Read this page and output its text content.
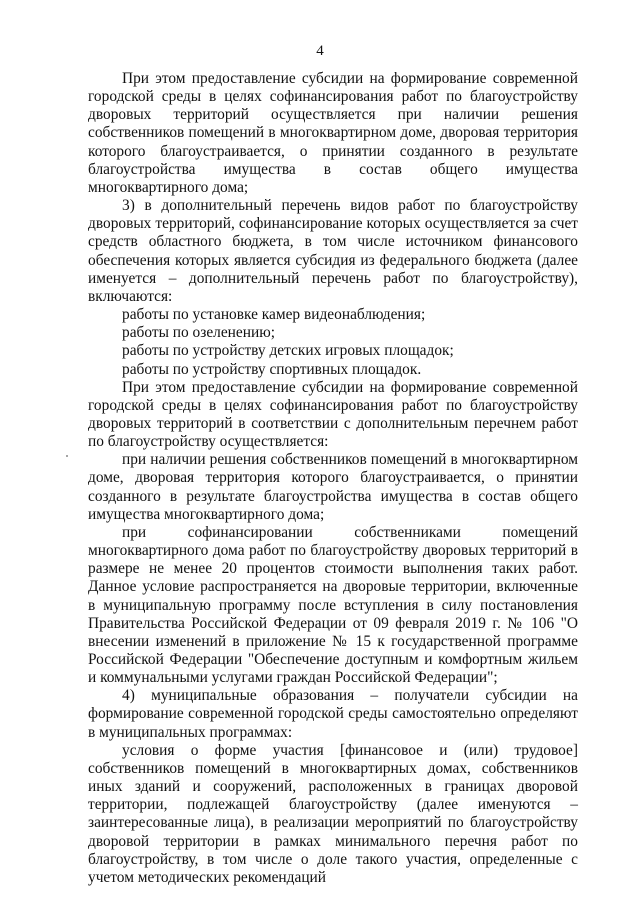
4

При этом предоставление субсидии на формирование современной городской среды в целях софинансирования работ по благоустройству дворовых территорий осуществляется при наличии решения собственников помещений в многоквартирном доме, дворовая территория которого благоустраивается, о принятии созданного в результате благоустройства имущества в состав общего имущества многоквартирного дома;

3) в дополнительный перечень видов работ по благоустройству дворовых территорий, софинансирование которых осуществляется за счет средств областного бюджета, в том числе источником финансового обеспечения которых является субсидия из федерального бюджета (далее именуется – дополнительный перечень работ по благоустройству), включаются:

работы по установке камер видеонаблюдения;

работы по озеленению;

работы по устройству детских игровых площадок;

работы по устройству спортивных площадок.

При этом предоставление субсидии на формирование современной городской среды в целях софинансирования работ по благоустройству дворовых территорий в соответствии с дополнительным перечнем работ по благоустройству осуществляется:

при наличии решения собственников помещений в многоквартирном доме, дворовая территория которого благоустраивается, о принятии созданного в результате благоустройства имущества в состав общего имущества многоквартирного дома;

при софинансировании собственниками помещений многоквартирного дома работ по благоустройству дворовых территорий в размере не менее 20 процентов стоимости выполнения таких работ. Данное условие распространяется на дворовые территории, включенные в муниципальную программу после вступления в силу постановления Правительства Российской Федерации от 09 февраля 2019 г. № 106 "О внесении изменений в приложение № 15 к государственной программе Российской Федерации "Обеспечение доступным и комфортным жильем и коммунальными услугами граждан Российской Федерации";

4) муниципальные образования – получатели субсидии на формирование современной городской среды самостоятельно определяют в муниципальных программах:

условия о форме участия [финансовое и (или) трудовое] собственников помещений в многоквартирных домах, собственников иных зданий и сооружений, расположенных в границах дворовой территории, подлежащей благоустройству (далее именуются – заинтересованные лица), в реализации мероприятий по благоустройству дворовой территории в рамках минимального перечня работ по благоустройству, в том числе о доле такого участия, определенные с учетом методических рекомендаций
